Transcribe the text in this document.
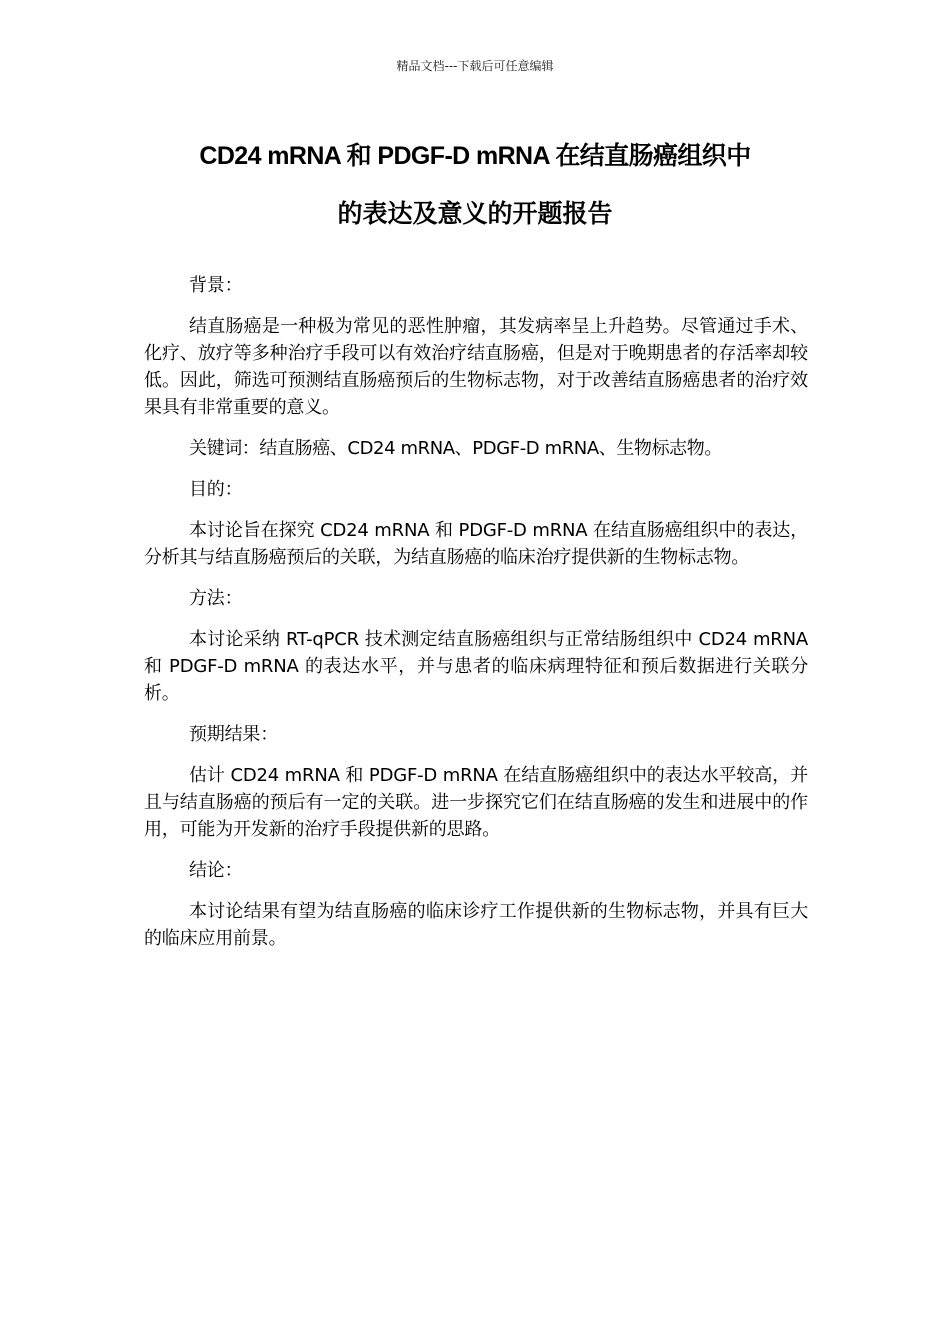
精品文档---下载后可任意编辑
CD24 mRNA 和 PDGF-D mRNA 在结直肠癌组织中
的表达及意义的开题报告

背景：

结直肠癌是一种极为常见的恶性肿瘤，其发病率呈上升趋势。尽管通过手术、化疗、放疗等多种治疗手段可以有效治疗结直肠癌，但是对于晚期患者的存活率却较低。因此，筛选可预测结直肠癌预后的生物标志物，对于改善结直肠癌患者的治疗效果具有非常重要的意义。

关键词：结直肠癌、CD24 mRNA、PDGF-D mRNA、生物标志物。

目的：

本讨论旨在探究 CD24 mRNA 和 PDGF-D mRNA 在结直肠癌组织中的表达，分析其与结直肠癌预后的关联，为结直肠癌的临床治疗提供新的生物标志物。

方法：

本讨论采纳 RT-qPCR 技术测定结直肠癌组织与正常结肠组织中 CD24 mRNA 和 PDGF-D mRNA 的表达水平，并与患者的临床病理特征和预后数据进行关联分析。

预期结果：

估计 CD24 mRNA 和 PDGF-D mRNA 在结直肠癌组织中的表达水平较高，并且与结直肠癌的预后有一定的关联。进一步探究它们在结直肠癌的发生和进展中的作用，可能为开发新的治疗手段提供新的思路。

结论：

本讨论结果有望为结直肠癌的临床诊疗工作提供新的生物标志物，并具有巨大的临床应用前景。
